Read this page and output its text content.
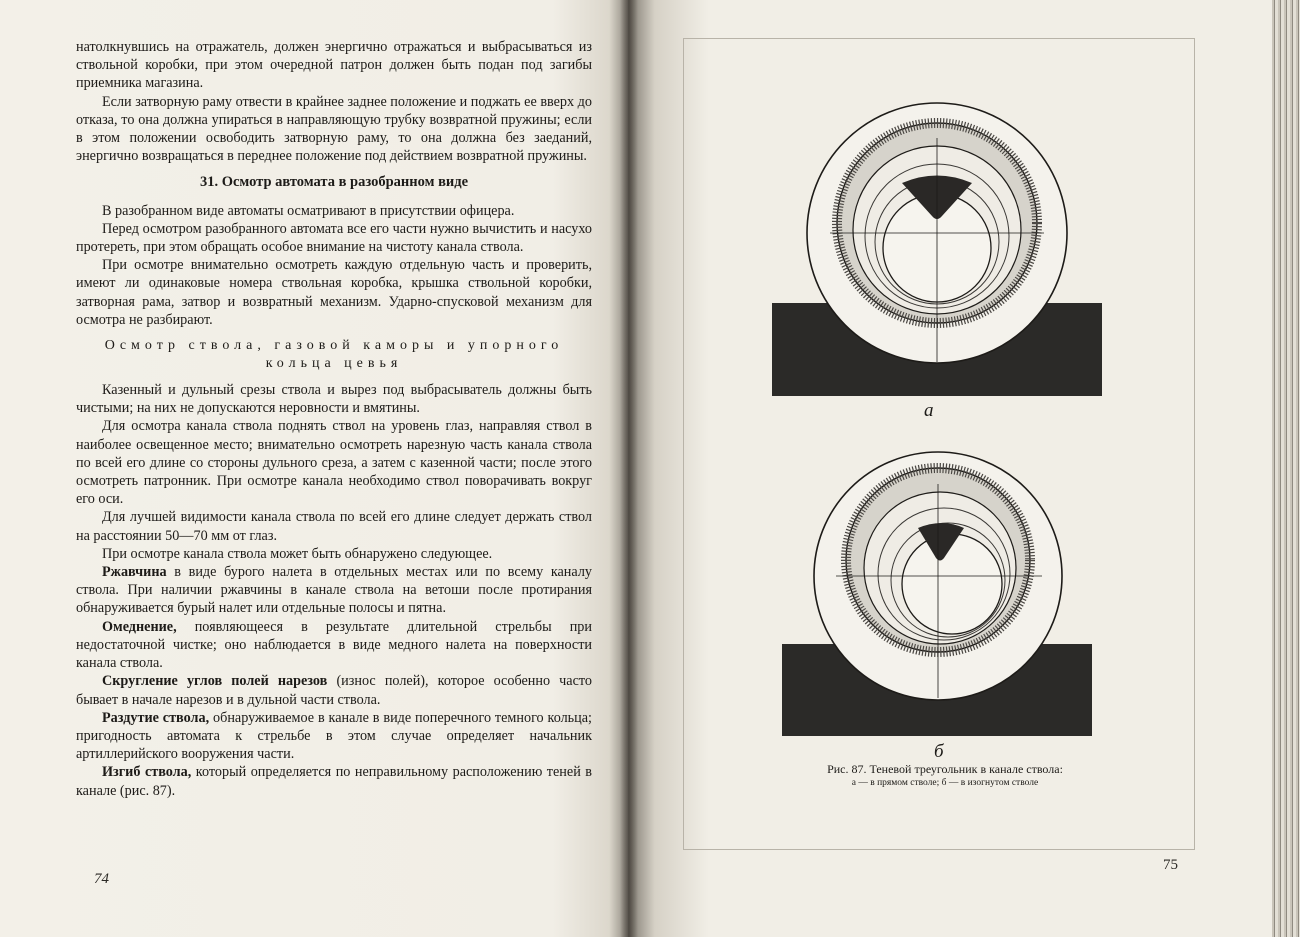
натолкнувшись на отражатель, должен энергично отражаться и выбрасываться из ствольной коробки, при этом очередной патрон должен быть подан под загибы приемника магазина.

Если затворную раму отвести в крайнее заднее положение и поджать ее вверх до отказа, то она должна упираться в направляющую трубку возвратной пружины; если в этом положении освободить затворную раму, то она должна без заеданий, энергично возвращаться в переднее положение под действием возвратной пружины.

31. Осмотр автомата в разобранном виде

В разобранном виде автоматы осматривают в присутствии офицера.

Перед осмотром разобранного автомата все его части нужно вычистить и насухо протереть, при этом обращать особое внимание на чистоту канала ствола.

При осмотре внимательно осмотреть каждую отдельную часть и проверить, имеют ли одинаковые номера ствольная коробка, крышка ствольной коробки, затворная рама, затвор и возвратный механизм. Ударно-спусковой механизм для осмотра не разбирают.

Осмотр ствола, газовой каморы и упорного кольца цевья

Казенный и дульный срезы ствола и вырез под выбрасыватель должны быть чистыми; на них не допускаются неровности и вмятины.

Для осмотра канала ствола поднять ствол на уровень глаз, направляя ствол в наиболее освещенное место; внимательно осмотреть нарезную часть канала ствола по всей его длине со стороны дульного среза, а затем с казенной части; после этого осмотреть патронник. При осмотре канала необходимо ствол поворачивать вокруг его оси.

Для лучшей видимости канала ствола по всей его длине следует держать ствол на расстоянии 50—70 мм от глаз.

При осмотре канала ствола может быть обнаружено следующее.

Ржавчина в виде бурого налета в отдельных местах или по всему каналу ствола. При наличии ржавчины в канале ствола на ветоши после протирания обнаруживается бурый налет или отдельные полосы и пятна.

Омеднение, появляющееся в результате длительной стрельбы при недостаточной чистке; оно наблюдается в виде медного налета на поверхности канала ствола.

Скругление углов полей нарезов (износ полей), которое особенно часто бывает в начале нарезов и в дульной части ствола.

Раздутие ствола, обнаруживаемое в канале в виде поперечного темного кольца; пригодность автомата к стрельбе в этом случае определяет начальник артиллерийского вооружения части.

Изгиб ствола, который определяется по неправильному расположению теней в канале (рис. 87).

74
а
б
Рис. 87. Теневой треугольник в канале ствола:
а — в прямом стволе; б — в изогнутом стволе
75
